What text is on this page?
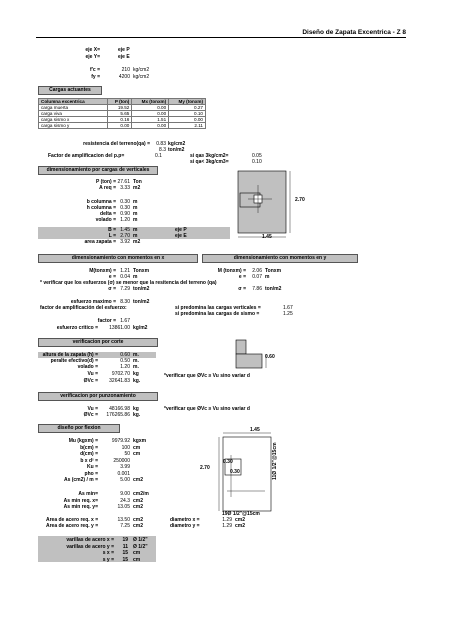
Diseño de Zapata Excentrica - Z 8
eje X=	eje P
eje Y=	eje E
f'c =	210 kg/cm2
fy =	4200 kg/cm2
Cargas actuantes
Columna excentrica	P (ton)	Mx (tonxm)	My (tonxm)
carga muerta	19.52	0.00	0.27
carga viva	5.65	0.00	0.10
carga sismo x	0.16	1.51	0.00
carga sismo y	0.00	0.00	2.11
resistencia del terreno(qa) =	0.83 kg/cm2
8.3 ton/m2
Factor de amplificacion del p.p=	0.1	si qa≥ 3kg/cm2=	0.05
si qa< 3kg/cm3=	0.10
dimensionamiento por cargas de verticales
P (ton) = 27.61 Ton
A req = 3.33 m2
b columna = 0.30 m
h columna = 0.30 m
delta = 0.90 m
volado = 1.20 m
B = 1.45 m	eje P
L = 2.70 m	eje E
area zapata = 3.92 m2
2.70
1.45
dimensionamiento con momentos en x	dimensionamiento con momentos en y
M(tonxm) = 1.21 Tonxm
e = 0.04 m
* verificar que los esfuerzos (σ) se menor que la resitencia del terreno (qa)
σ = 7.29 ton/m2
M (tonxm) =	2.06 Tonxm
e =	0.07 m
σ =	7.86 ton/m2
esfuerzo maximo = 8.30 ton/m2
factor de amplificación del esfuerzo:	si predomina las cargas verticales =	1.67
si predomina las cargas de sismo =	1.25
factor = 1.67
esfuerzo critico =	13861.00 kg/m2
verificacion por corte
altura de la zapata (h) =	0.60 m.
peralte efectivo(d) =	0.50 m.
volado =	1.20 m.
Vu =	9702.70 kg
ØVc =	32641.83 kg.
*verificar que ØVc ≥ Vu sino variar d
0.60
verificacion por punzonamiento
Vu =	48166.98 kg
ØVc =	176265.86 kg.
*verificar que ØVc ≥ Vu sino variar d
diseño por flexion
Mu (kgxm) =	9979.92 kgxm
b(cm) =	100 cm
d(cm) =	50 cm
b x d² =	250000
Ku =	3.99
pho =	0.001
As (cm2) / m =	5.00 cm2
As min=	9.00 cm2/m
As min req. x=	24.3 cm2
As min req. y=	13.05 cm2
Area de acero req. x =	13.50 cm2	diametro x =	1.29 cm2
Area de acero req. y =	7.25 cm2	diametro y =	1.29 cm2
varillas de acero x =	19 Ø 1/2"
varillas de acero y =	11 Ø 1/2"
s x =	15 cm
s y =	15 cm
1.45
2.70
0.30
0.30
19Ø 1/2"@15cm
11Ø 1/2"@15cm
